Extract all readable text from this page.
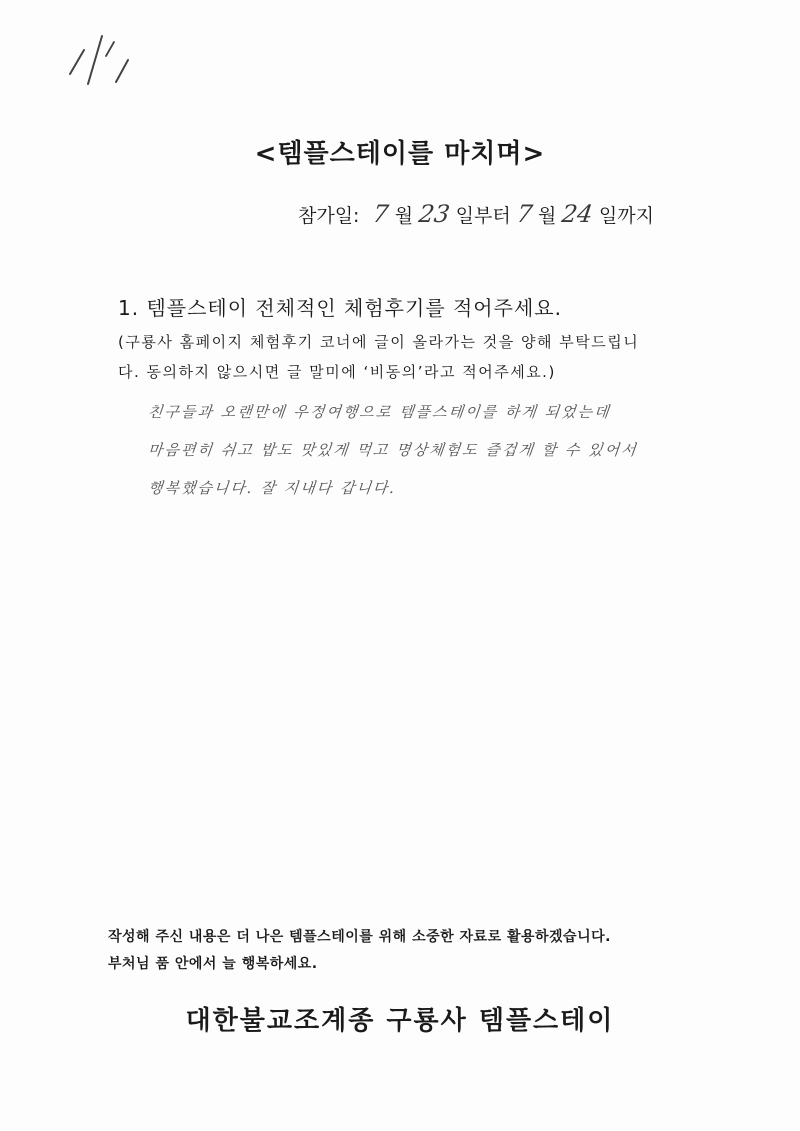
<템플스테이를 마치며>
참가일: 7 월 23 일부터 7 월 24 일까지
1. 템플스테이 전체적인 체험후기를 적어주세요.
(구룡사 홈페이지 체험후기 코너에 글이 올라가는 것을 양해 부탁드립니
다. 동의하지 않으시면 글 말미에 ‘비동의’라고 적어주세요.)
친구들과 오랜만에 우정여행으로 템플스테이를 하게 되었는데
마음편히 쉬고 밥도 맛있게 먹고 명상체험도 즐겁게 할 수 있어서
행복했습니다. 잘 지내다 갑니다.
작성해 주신 내용은 더 나은 템플스테이를 위해 소중한 자료로 활용하겠습니다.
부처님 품 안에서 늘 행복하세요.
대한불교조계종 구룡사 템플스테이
